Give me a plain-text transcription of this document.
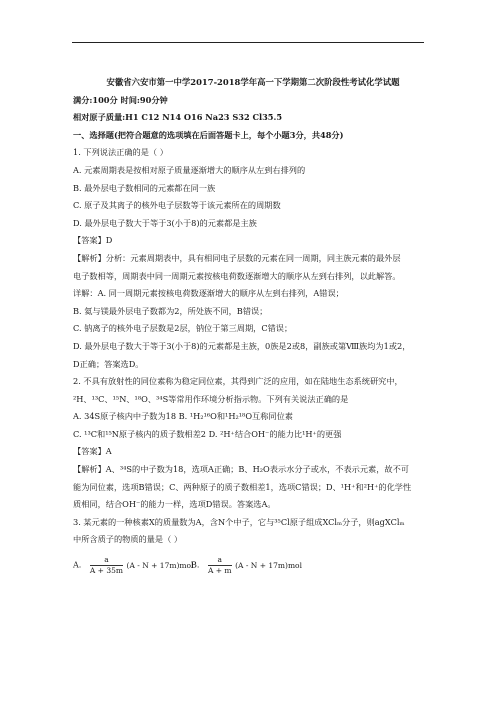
安徽省六安市第一中学2017-2018学年高一下学期第二次阶段性考试化学试题
满分:100分 时间:90分钟
相对原子质量:H1 C12 N14 O16 Na23 S32 Cl35.5
一、选择题(把符合题意的选项填在后面答题卡上，每个小题3分，共48分)
1. 下列说法正确的是（ ）
A. 元素周期表是按相对原子质量逐渐增大的顺序从左到右排列的
B. 最外层电子数相同的元素都在同一族
C. 原子及其离子的核外电子层数等于该元素所在的周期数
D. 最外层电子数大于等于3(小于8)的元素都是主族
【答案】D
【解析】分析：元素周期表中，具有相同电子层数的元素在同一周期，同主族元素的最外层
电子数相等，周期表中同一周期元素按核电荷数逐渐增大的顺序从左到右排列，以此解答。
详解：A. 同一周期元素按核电荷数逐渐增大的顺序从左到右排列，A错误；
B. 氦与镁最外层电子数都为2，所处族不同，B错误；
C. 钠离子的核外电子层数是2层，钠位于第三周期，C错误；
D. 最外层电子数大于等于3(小于8)的元素都是主族，0族是2或8，副族或第Ⅷ族均为1或2，
D正确；答案选D。
2. 不具有放射性的同位素称为稳定同位素，其得到广泛的应用，如在陆地生态系统研究中，
²H、¹³C、¹⁵N、¹⁸O、³⁴S等常用作环境分析指示物。下列有关说法正确的是
A. 34S原子核内中子数为18 B. ¹H₂¹⁶O和¹H₂¹⁸O互称同位素
C. ¹³C和¹⁵N原子核内的质子数相差2 D. ²H⁺结合OH⁻的能力比¹H⁺的更强
【答案】A
【解析】A、³⁴S的中子数为18，选项A正确；B、H₂O表示水分子或水，不表示元素，故不可
能为同位素，选项B错误；C、两种原子的质子数相差1，选项C错误；D、¹H⁺和²H⁺的化学性
质相同，结合OH⁻的能力一样，选项D错误。答案选A。
3. 某元素的一种核素X的质量数为A，含N个中子，它与³⁵Cl原子组成XClₘ分子，则agXClₘ
中所含质子的物质的量是（ ）
A. $\frac{a}{A + 35m} (A - N + 17m)mol$
B. $\frac{a}{A + m} (A - N + 17m)mol$
